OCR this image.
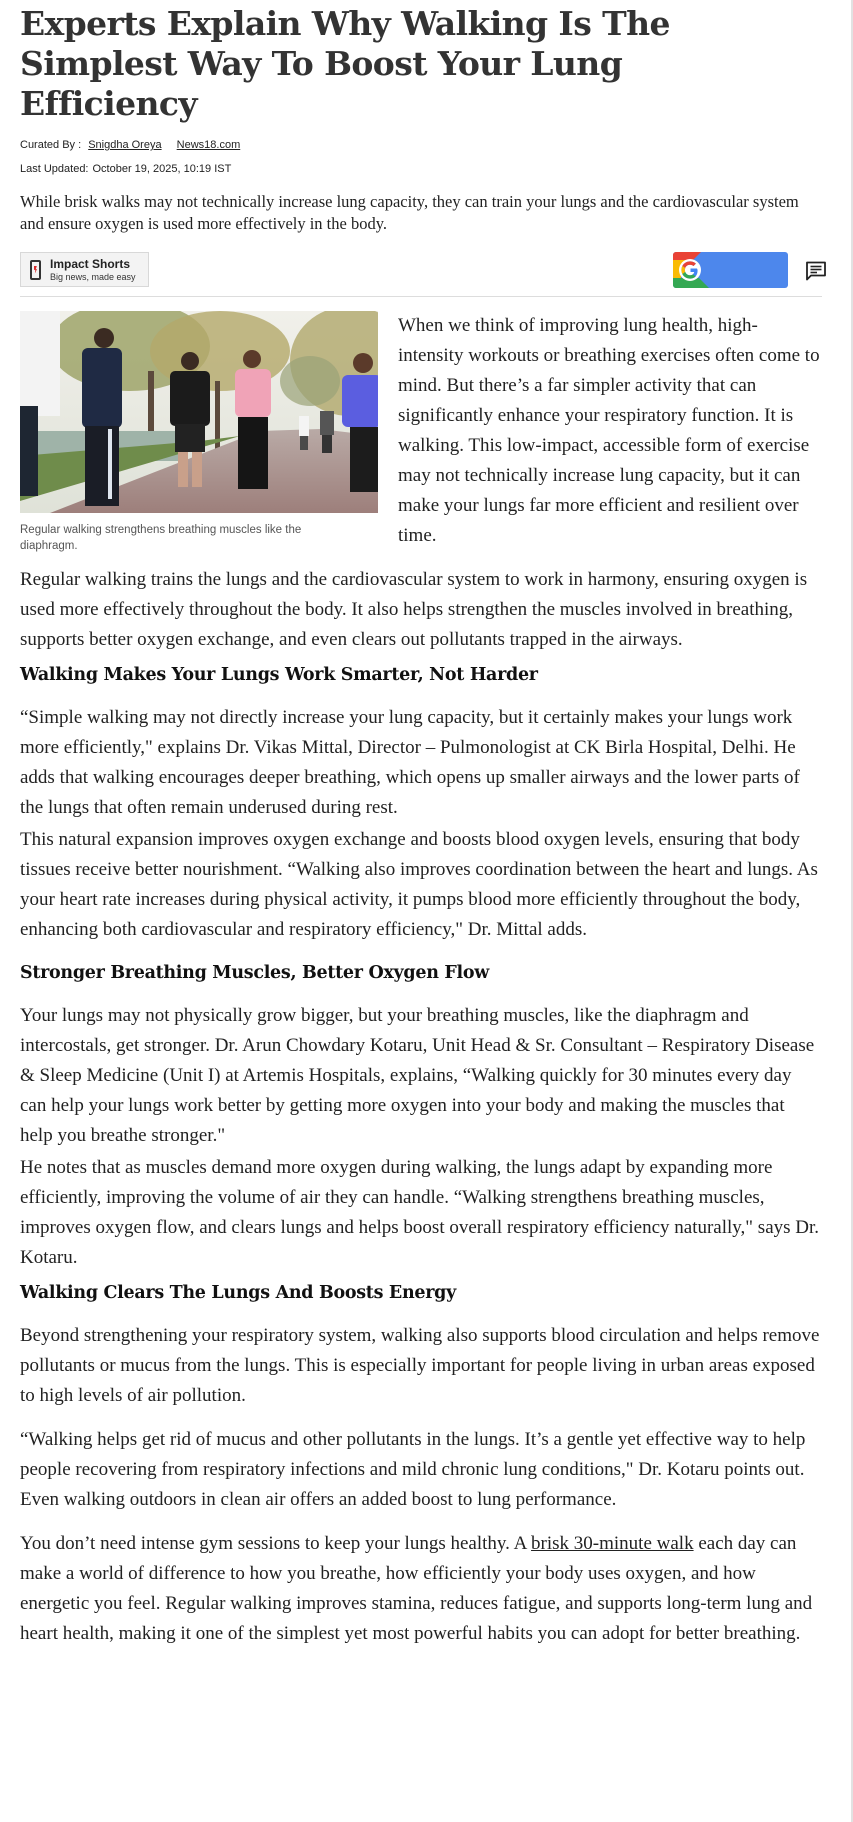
Experts Explain Why Walking Is The Simplest Way To Boost Your Lung Efficiency
Curated By : Snigdha Oreya News18.com
Last Updated: October 19, 2025, 10:19 IST
While brisk walks may not technically increase lung capacity, they can train your lungs and the cardiovascular system and ensure oxygen is used more effectively in the body.
Impact Shorts
Big news, made easy
Regular walking strengthens breathing muscles like the diaphragm.

When we think of improving lung health, high-intensity workouts or breathing exercises often come to mind. But there’s a far simpler activity that can significantly enhance your respiratory function. It is walking. This low-impact, accessible form of exercise may not technically increase lung capacity, but it can make your lungs far more efficient and resilient over time.

Regular walking trains the lungs and the cardiovascular system to work in harmony, ensuring oxygen is used more effectively throughout the body. It also helps strengthen the muscles involved in breathing, supports better oxygen exchange, and even clears out pollutants trapped in the airways.

Walking Makes Your Lungs Work Smarter, Not Harder

“Simple walking may not directly increase your lung capacity, but it certainly makes your lungs work more efficiently," explains Dr. Vikas Mittal, Director – Pulmonologist at CK Birla Hospital, Delhi. He adds that walking encourages deeper breathing, which opens up smaller airways and the lower parts of the lungs that often remain underused during rest.

This natural expansion improves oxygen exchange and boosts blood oxygen levels, ensuring that body tissues receive better nourishment. “Walking also improves coordination between the heart and lungs. As your heart rate increases during physical activity, it pumps blood more efficiently throughout the body, enhancing both cardiovascular and respiratory efficiency," Dr. Mittal adds.

Stronger Breathing Muscles, Better Oxygen Flow

Your lungs may not physically grow bigger, but your breathing muscles, like the diaphragm and intercostals, get stronger. Dr. Arun Chowdary Kotaru, Unit Head & Sr. Consultant – Respiratory Disease & Sleep Medicine (Unit I) at Artemis Hospitals, explains, “Walking quickly for 30 minutes every day can help your lungs work better by getting more oxygen into your body and making the muscles that help you breathe stronger."

He notes that as muscles demand more oxygen during walking, the lungs adapt by expanding more efficiently, improving the volume of air they can handle. “Walking strengthens breathing muscles, improves oxygen flow, and clears lungs and helps boost overall respiratory efficiency naturally," says Dr. Kotaru.

Walking Clears The Lungs And Boosts Energy

Beyond strengthening your respiratory system, walking also supports blood circulation and helps remove pollutants or mucus from the lungs. This is especially important for people living in urban areas exposed to high levels of air pollution.

“Walking helps get rid of mucus and other pollutants in the lungs. It’s a gentle yet effective way to help people recovering from respiratory infections and mild chronic lung conditions," Dr. Kotaru points out. Even walking outdoors in clean air offers an added boost to lung performance.

You don’t need intense gym sessions to keep your lungs healthy. A brisk 30-minute walk each day can make a world of difference to how you breathe, how efficiently your body uses oxygen, and how energetic you feel. Regular walking improves stamina, reduces fatigue, and supports long-term lung and heart health, making it one of the simplest yet most powerful habits you can adopt for better breathing.
